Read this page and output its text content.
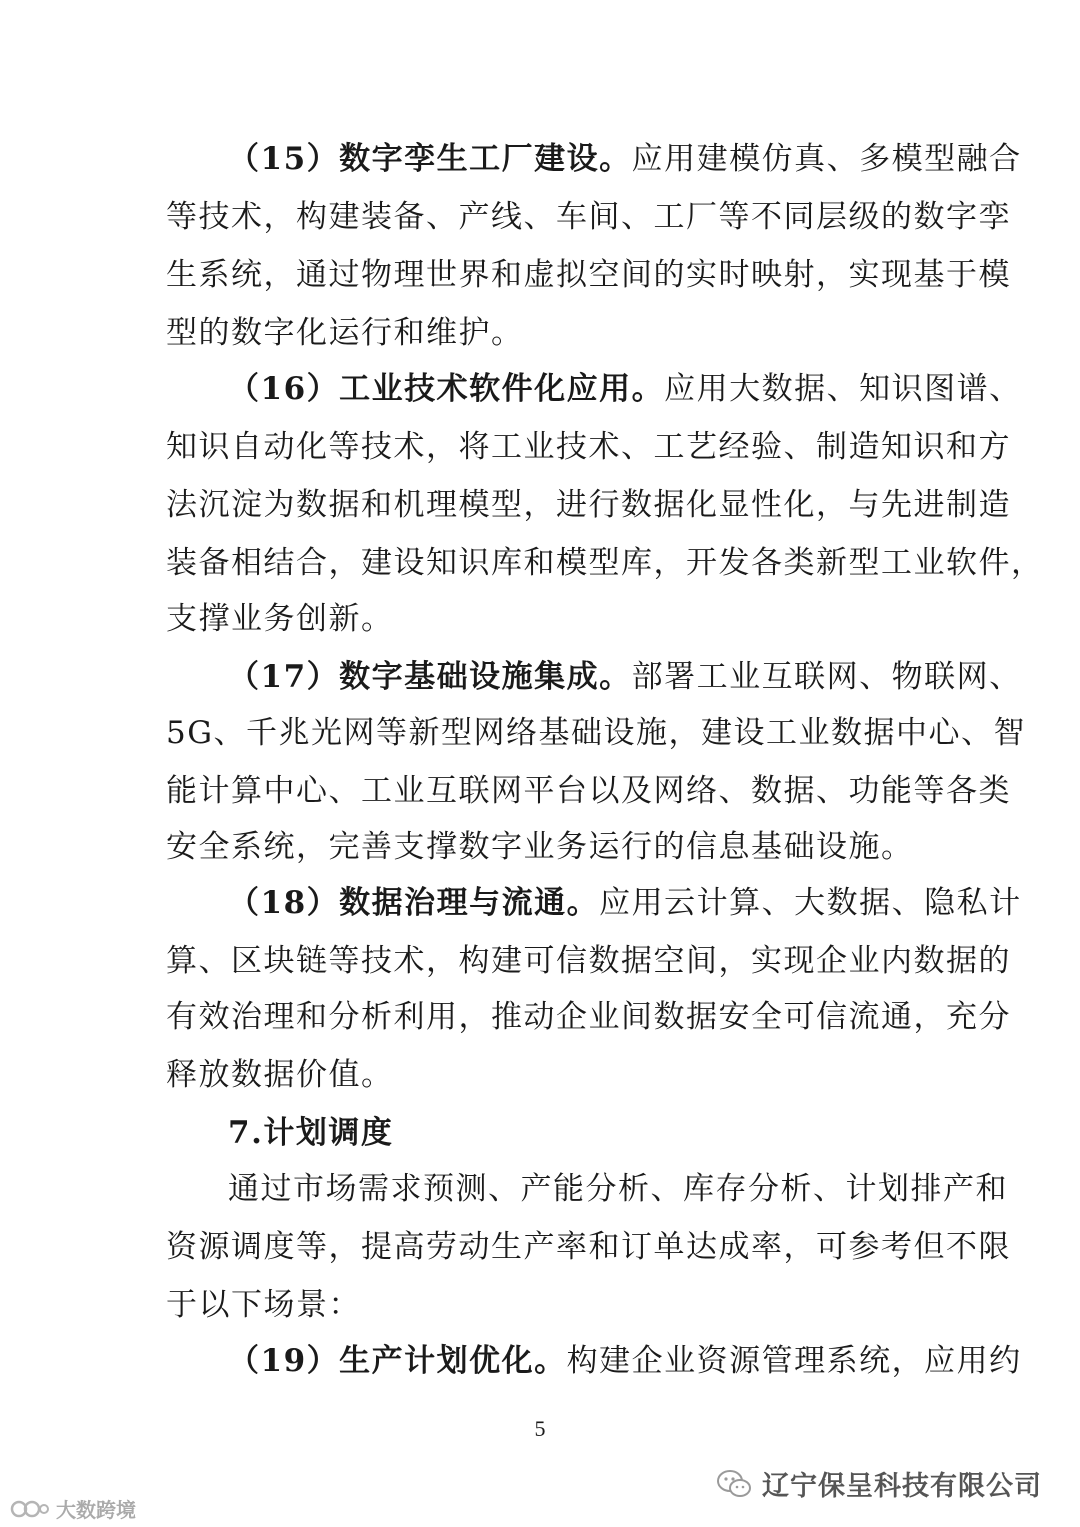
（15）数字孪生工厂建设。应用建模仿真、多模型融合
等技术，构建装备、产线、车间、工厂等不同层级的数字孪
生系统，通过物理世界和虚拟空间的实时映射，实现基于模
型的数字化运行和维护。
（16）工业技术软件化应用。应用大数据、知识图谱、
知识自动化等技术，将工业技术、工艺经验、制造知识和方
法沉淀为数据和机理模型，进行数据化显性化，与先进制造
装备相结合，建设知识库和模型库，开发各类新型工业软件，
支撑业务创新。
（17）数字基础设施集成。部署工业互联网、物联网、
5G、千兆光网等新型网络基础设施，建设工业数据中心、智
能计算中心、工业互联网平台以及网络、数据、功能等各类
安全系统，完善支撑数字业务运行的信息基础设施。
（18）数据治理与流通。应用云计算、大数据、隐私计
算、区块链等技术，构建可信数据空间，实现企业内数据的
有效治理和分析利用，推动企业间数据安全可信流通，充分
释放数据价值。
7.计划调度
通过市场需求预测、产能分析、库存分析、计划排产和
资源调度等，提高劳动生产率和订单达成率，可参考但不限
于以下场景：
（19）生产计划优化。构建企业资源管理系统，应用约
5
辽宁保呈科技有限公司
大数跨境
